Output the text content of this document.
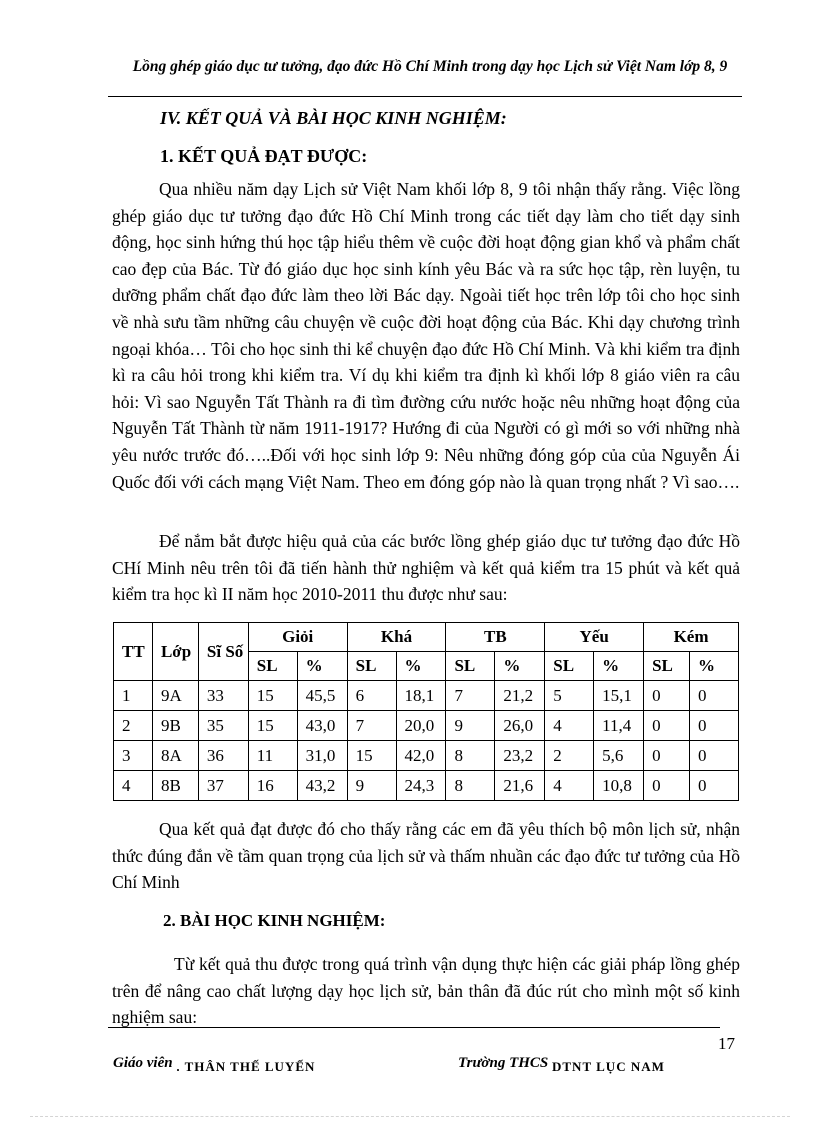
Lồng ghép giáo dục tư tưởng, đạo đức Hồ Chí Minh trong dạy học Lịch sử Việt Nam lớp 8, 9
IV. KẾT QUẢ VÀ BÀI HỌC KINH NGHIỆM:
1. KẾT QUẢ ĐẠT ĐƯỢC:

Qua nhiều năm dạy Lịch sử Việt Nam khối lớp 8, 9 tôi nhận thấy rằng. Việc lồng ghép giáo dục tư tưởng đạo đức Hồ Chí Minh trong các tiết dạy làm cho tiết dạy sinh động, học sinh hứng thú học tập hiểu thêm về cuộc đời hoạt động gian khổ và phẩm chất cao đẹp của Bác. Từ đó giáo dục học sinh kính yêu Bác và ra sức học tập, rèn luyện, tu dưỡng phẩm chất đạo đức làm theo lời Bác dạy. Ngoài tiết học trên lớp tôi cho học sinh về nhà sưu tầm những câu chuyện về cuộc đời hoạt động của Bác. Khi dạy chương trình ngoại khóa… Tôi cho học sinh thi kể chuyện đạo đức Hồ Chí Minh. Và khi kiểm tra định kì ra câu hỏi trong khi kiểm tra. Ví dụ khi kiểm tra định kì khối lớp 8 giáo viên ra câu hỏi: Vì sao Nguyễn Tất Thành ra đi tìm đường cứu nước hoặc nêu những hoạt động của Nguyễn Tất Thành từ năm 1911-1917? Hướng đi của Người có gì mới so với những nhà yêu nước trước đó…..Đối với học sinh lớp 9: Nêu những đóng góp của của Nguyễn Ái Quốc đối với cách mạng Việt Nam. Theo em đóng góp nào là quan trọng nhất ? Vì sao….

Để nắm bắt được hiệu quả của các bước lồng ghép giáo dục tư tưởng đạo đức Hồ CHí Minh nêu trên tôi đã tiến hành thử nghiệm và kết quả kiểm tra 15 phút và kết quả kiểm tra học kì II năm học 2010-2011 thu được như sau:

TT	Lớp	Sĩ Số	Giỏi		Khá		TB		Yếu		Kém	
			SL	%	SL	%	SL	%	SL	%	SL	%
1	9A	33	15	45,5	6	18,1	7	21,2	5	15,1	0	0
2	9B	35	15	43,0	7	20,0	9	26,0	4	11,4	0	0
3	8A	36	11	31,0	15	42,0	8	23,2	2	5,6	0	0
4	8B	37	16	43,2	9	24,3	8	21,6	4	10,8	0	0

Qua kết quả đạt được đó cho thấy rằng các em đã yêu thích bộ môn lịch sử, nhận thức đúng đắn về tầm quan trọng của lịch sử và thấm nhuần các đạo đức tư tưởng của Hồ Chí Minh

2. BÀI HỌC KINH NGHIỆM:

Từ kết quả thu được trong quá trình vận dụng thực hiện các giải pháp lồng ghép trên để nâng cao chất lượng dạy học lịch sử, bản thân đã đúc rút cho mình một số kinh nghiệm sau:

17
Giáo viên . THÂN THẾ LUYẾN	Trường THCS DTNT LỤC NAM
